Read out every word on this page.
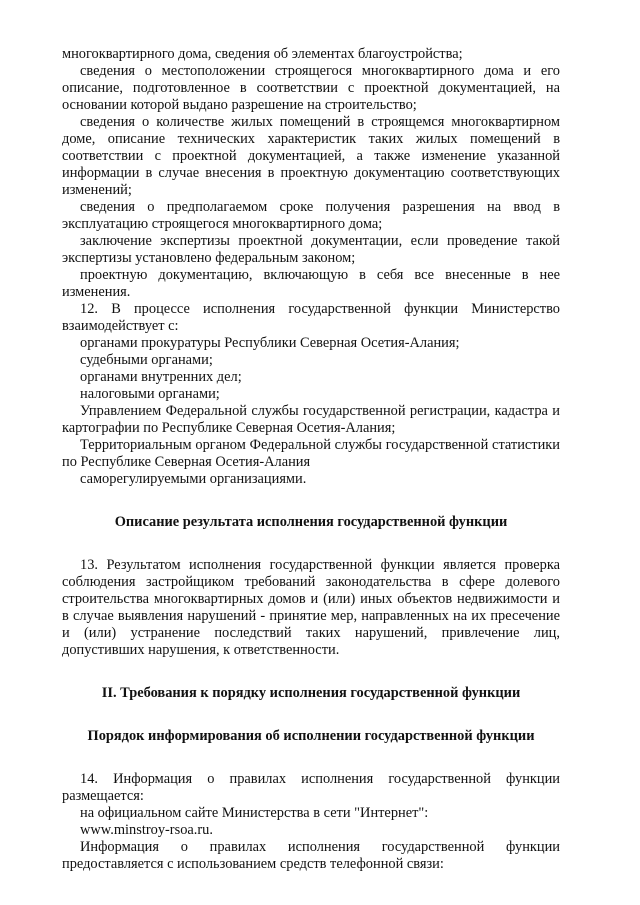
многоквартирного дома, сведения об элементах благоустройства;

сведения о местоположении строящегося многоквартирного дома и его описание, подготовленное в соответствии с проектной документацией, на основании которой выдано разрешение на строительство;

сведения о количестве жилых помещений в строящемся многоквартирном доме, описание технических характеристик таких жилых помещений в соответствии с проектной документацией, а также изменение указанной информации в случае внесения в проектную документацию соответствующих изменений;

сведения о предполагаемом сроке получения разрешения на ввод в эксплуатацию строящегося многоквартирного дома;

заключение экспертизы проектной документации, если проведение такой экспертизы установлено федеральным законом;

проектную документацию, включающую в себя все внесенные в нее изменения.

12. В процессе исполнения государственной функции Министерство взаимодействует с:

органами прокуратуры Республики Северная Осетия-Алания;

судебными органами;

органами внутренних дел;

налоговыми органами;

Управлением Федеральной службы государственной регистрации, кадастра и картографии по Республике Северная Осетия-Алания;

Территориальным органом Федеральной службы государственной статистики по Республике Северная Осетия-Алания

саморегулируемыми организациями.

Описание результата исполнения государственной функции

13. Результатом исполнения государственной функции является проверка соблюдения застройщиком требований законодательства в сфере долевого строительства многоквартирных домов и (или) иных объектов недвижимости и в случае выявления нарушений - принятие мер, направленных на их пресечение и (или) устранение последствий таких нарушений, привлечение лиц, допустивших нарушения, к ответственности.

II. Требования к порядку исполнения государственной функции

Порядок информирования об исполнении государственной функции

14. Информация о правилах исполнения государственной функции размещается:

на официальном сайте Министерства в сети "Интернет":

www.minstroy-rsoa.ru.

Информация о правилах исполнения государственной функции предоставляется с использованием средств телефонной связи:
